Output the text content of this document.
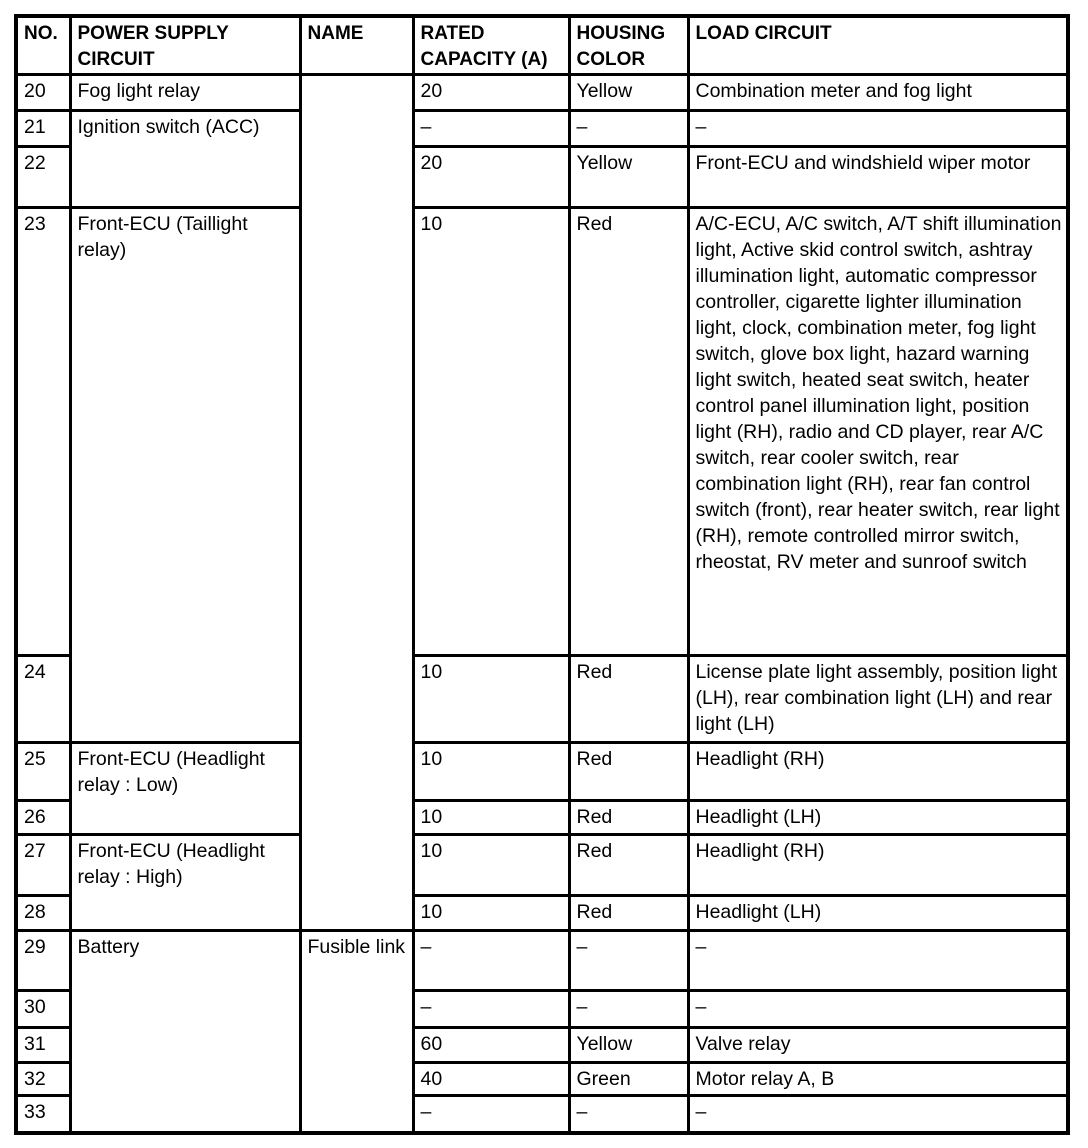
NO.	POWER SUPPLY CIRCUIT	NAME	RATED CAPACITY (A)	HOUSING COLOR	LOAD CIRCUIT
20	Fog light relay		20	Yellow	Combination meter and fog light
21	Ignition switch (ACC)		–	–	–
22			20	Yellow	Front-ECU and windshield wiper motor
23	Front-ECU (Taillight relay)		10	Red	A/C-ECU, A/C switch, A/T shift illumination light, Active skid control switch, ashtray illumination light, automatic compressor controller, cigarette lighter illumination light, clock, combination meter, fog light switch, glove box light, hazard warning light switch, heated seat switch, heater control panel illumination light, position light (RH), radio and CD player, rear A/C switch, rear cooler switch, rear combination light (RH), rear fan control switch (front), rear heater switch, rear light (RH), remote controlled mirror switch, rheostat, RV meter and sunroof switch
24			10	Red	License plate light assembly, position light (LH), rear combination light (LH) and rear light (LH)
25	Front-ECU (Headlight relay : Low)		10	Red	Headlight (RH)
26			10	Red	Headlight (LH)
27	Front-ECU (Headlight relay : High)		10	Red	Headlight (RH)
28			10	Red	Headlight (LH)
29	Battery	Fusible link	–	–	–
30			–	–	–
31			60	Yellow	Valve relay
32			40	Green	Motor relay A, B
33			–	–	–
